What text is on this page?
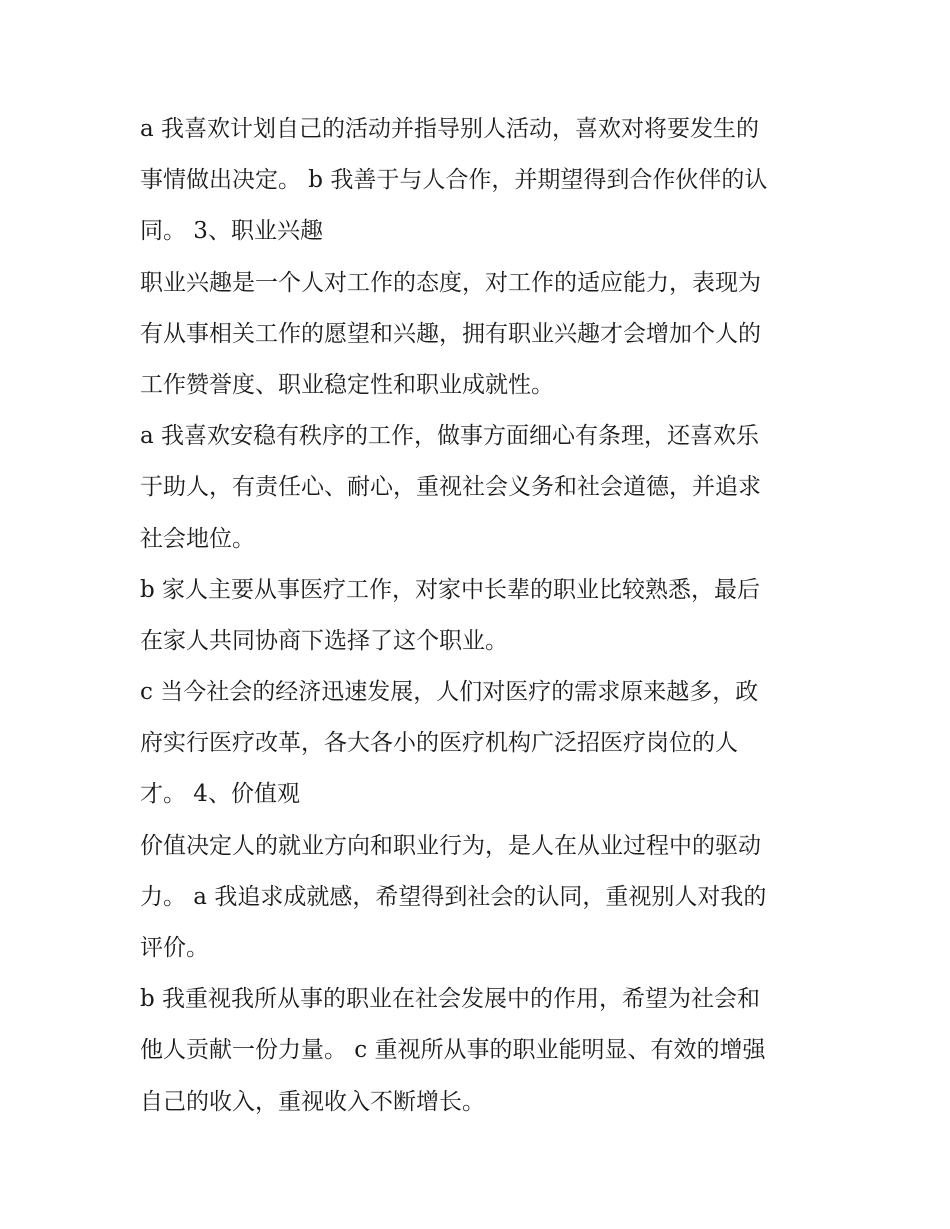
a 我喜欢计划自己的活动并指导别人活动，喜欢对将要发生的
事情做出决定。 b 我善于与人合作，并期望得到合作伙伴的认
同。 3、职业兴趣

职业兴趣是一个人对工作的态度，对工作的适应能力，表现为
有从事相关工作的愿望和兴趣，拥有职业兴趣才会增加个人的
工作赞誉度、职业稳定性和职业成就性。

a 我喜欢安稳有秩序的工作，做事方面细心有条理，还喜欢乐
于助人，有责任心、耐心，重视社会义务和社会道德，并追求
社会地位。

b 家人主要从事医疗工作，对家中长辈的职业比较熟悉，最后
在家人共同协商下选择了这个职业。

c 当今社会的经济迅速发展，人们对医疗的需求原来越多，政
府实行医疗改革，各大各小的医疗机构广泛招医疗岗位的人
才。 4、价值观

价值决定人的就业方向和职业行为，是人在从业过程中的驱动
力。 a 我追求成就感，希望得到社会的认同，重视别人对我的
评价。

b 我重视我所从事的职业在社会发展中的作用，希望为社会和
他人贡献一份力量。 c 重视所从事的职业能明显、有效的增强
自己的收入，重视收入不断增长。
